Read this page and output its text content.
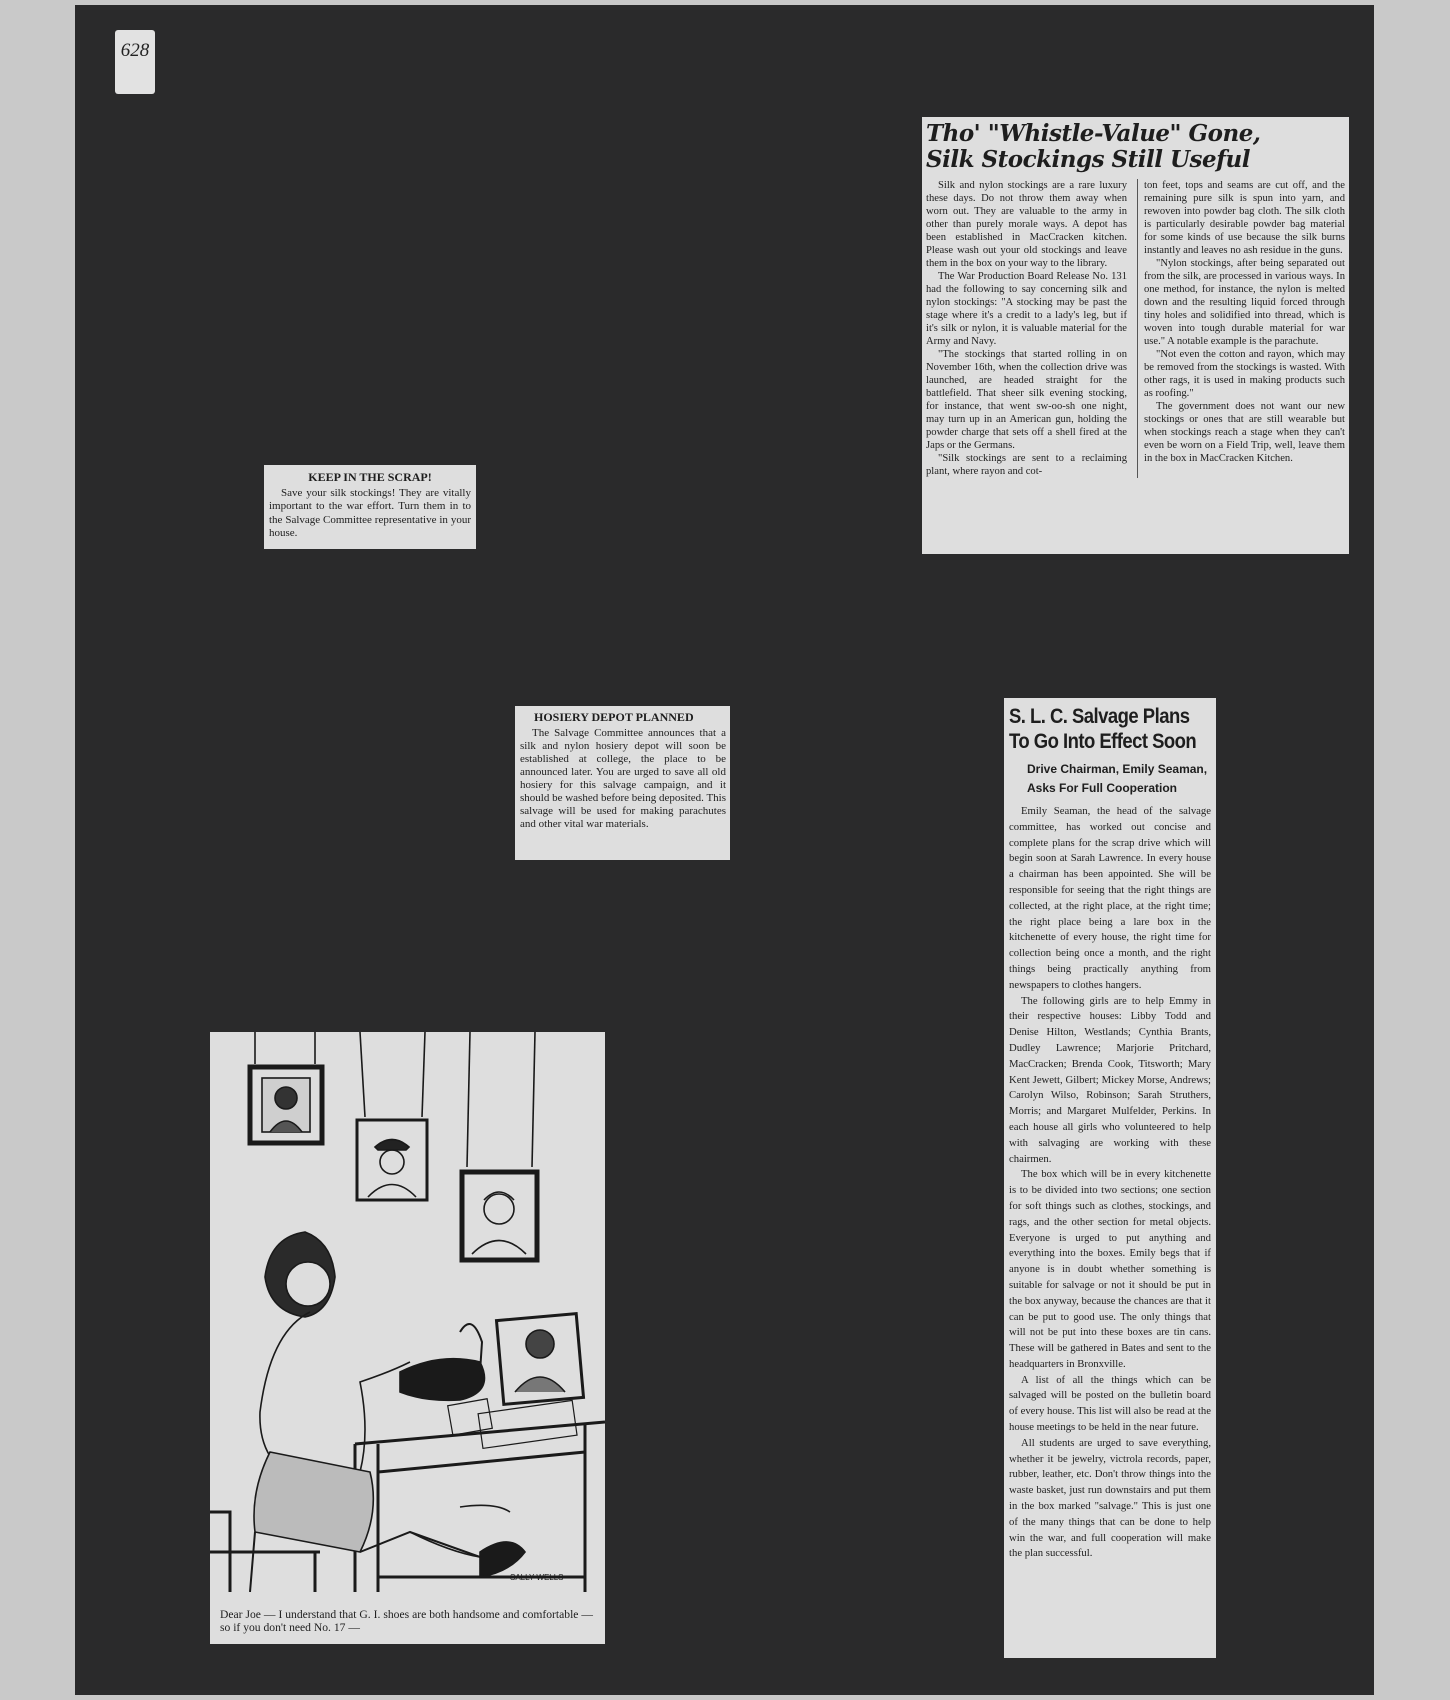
628
Tho' "Whistle-Value" Gone,
Silk Stockings Still Useful

Silk and nylon stockings are a rare luxury these days. Do not throw them away when worn out. They are valuable to the army in other than purely morale ways. A depot has been established in MacCracken kitchen. Please wash out your old stockings and leave them in the box on your way to the library.

The War Production Board Release No. 131 had the following to say concerning silk and nylon stockings: "A stocking may be past the stage where it's a credit to a lady's leg, but if it's silk or nylon, it is valuable material for the Army and Navy.

"The stockings that started rolling in on November 16th, when the collection drive was launched, are headed straight for the battlefield. That sheer silk evening stocking, for instance, that went sw-oo-sh one night, may turn up in an American gun, holding the powder charge that sets off a shell fired at the Japs or the Germans.

"Silk stockings are sent to a reclaiming plant, where rayon and cot-

ton feet, tops and seams are cut off, and the remaining pure silk is spun into yarn, and rewoven into powder bag cloth. The silk cloth is particularly desirable powder bag material for some kinds of use because the silk burns instantly and leaves no ash residue in the guns.

"Nylon stockings, after being separated out from the silk, are processed in various ways. In one method, for instance, the nylon is melted down and the resulting liquid forced through tiny holes and solidified into thread, which is woven into tough durable material for war use." A notable example is the parachute.

"Not even the cotton and rayon, which may be removed from the stockings is wasted. With other rags, it is used in making products such as roofing."

The government does not want our new stockings or ones that are still wearable but when stockings reach a stage when they can't even be worn on a Field Trip, well, leave them in the box in MacCracken Kitchen.

KEEP IN THE SCRAP!

Save your silk stockings! They are vitally important to the war effort. Turn them in to the Salvage Committee representative in your house.

HOSIERY DEPOT PLANNED

The Salvage Committee announces that a silk and nylon hosiery depot will soon be established at college, the place to be announced later. You are urged to save all old hosiery for this salvage campaign, and it should be washed before being deposited. This salvage will be used for making parachutes and other vital war materials.

S. L. C. Salvage Plans
To Go Into Effect Soon
Drive Chairman, Emily Seaman,
Asks For Full Cooperation

Emily Seaman, the head of the salvage committee, has worked out concise and complete plans for the scrap drive which will begin soon at Sarah Lawrence. In every house a chairman has been appointed. She will be responsible for seeing that the right things are collected, at the right place, at the right time; the right place being a lare box in the kitchenette of every house, the right time for collection being once a month, and the right things being practically anything from newspapers to clothes hangers.

The following girls are to help Emmy in their respective houses: Libby Todd and Denise Hilton, Westlands; Cynthia Brants, Dudley Lawrence; Marjorie Pritchard, MacCracken; Brenda Cook, Titsworth; Mary Kent Jewett, Gilbert; Mickey Morse, Andrews; Carolyn Wilso, Robinson; Sarah Struthers, Morris; and Margaret Mulfelder, Perkins. In each house all girls who volunteered to help with salvaging are working with these chairmen.

The box which will be in every kitchenette is to be divided into two sections; one section for soft things such as clothes, stockings, and rags, and the other section for metal objects. Everyone is urged to put anything and everything into the boxes. Emily begs that if anyone is in doubt whether something is suitable for salvage or not it should be put in the box anyway, because the chances are that it can be put to good use. The only things that will not be put into these boxes are tin cans. These will be gathered in Bates and sent to the headquarters in Bronxville.

A list of all the things which can be salvaged will be posted on the bulletin board of every house. This list will also be read at the house meetings to be held in the near future.

All students are urged to save everything, whether it be jewelry, victrola records, paper, rubber, leather, etc. Don't throw things into the waste basket, just run downstairs and put them in the box marked "salvage." This is just one of the many things that can be done to help win the war, and full cooperation will make the plan successful.

SALLY WELLS

Dear Joe — I understand that G. I. shoes are both handsome and comfortable — so if you don't need No. 17 —
